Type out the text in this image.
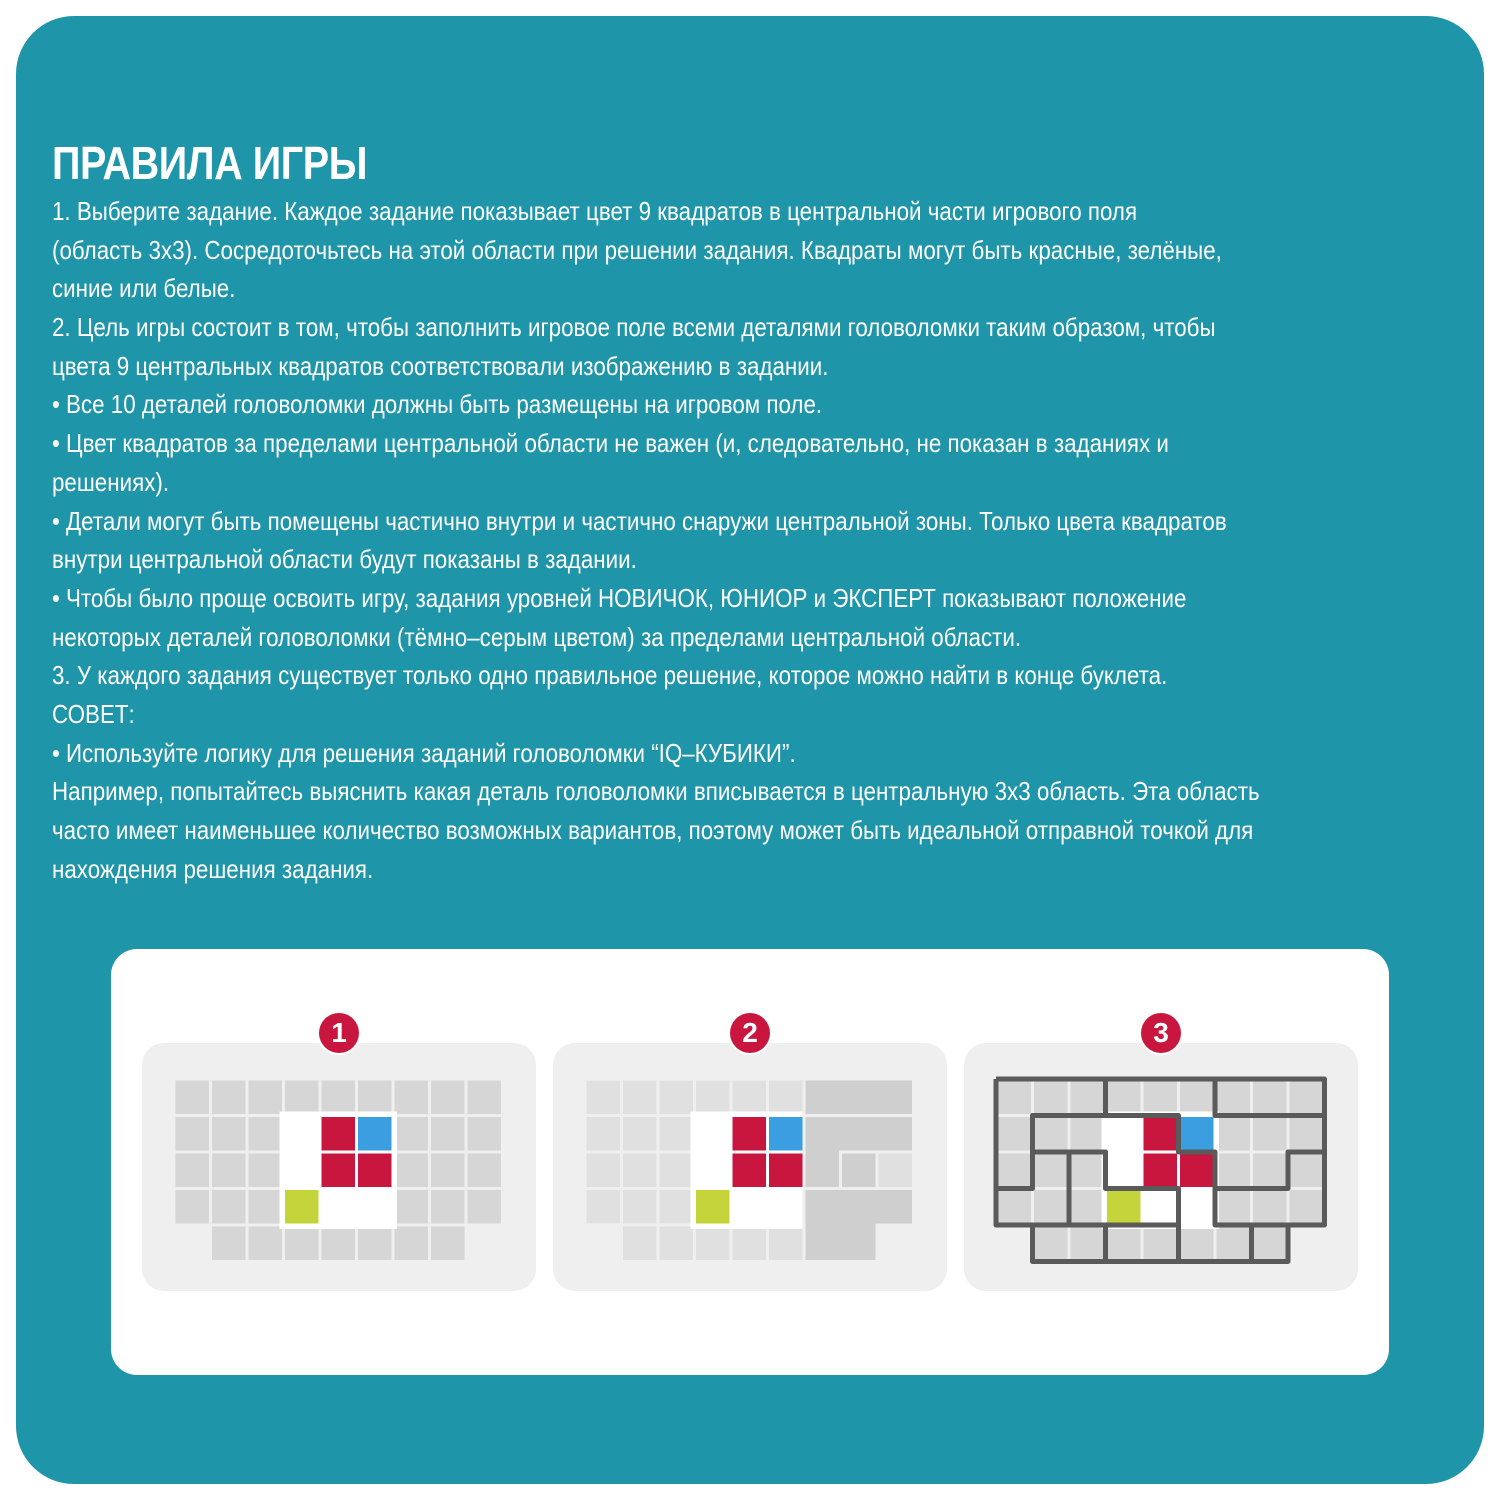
ПРАВИЛА ИГРЫ
1. Выберите задание. Каждое задание показывает цвет 9 квадратов в центральной части игрового поля
(область 3х3). Сосредоточьтесь на этой области при решении задания. Квадраты могут быть красные, зелёные,
синие или белые.
2. Цель игры состоит в том, чтобы заполнить игровое поле всеми деталями головоломки таким образом, чтобы
цвета 9 центральных квадратов соответствовали изображению в задании.
• Все 10 деталей головоломки должны быть размещены на игровом поле.
• Цвет квадратов за пределами центральной области не важен (и, следовательно, не показан в заданиях и
решениях).
• Детали могут быть помещены частично внутри и частично снаружи центральной зоны. Только цвета квадратов
внутри центральной области будут показаны в задании.
• Чтобы было проще освоить игру, задания уровней НОВИЧОК, ЮНИОР и ЭКСПЕРТ показывают положение
некоторых деталей головоломки (тёмно–серым цветом) за пределами центральной области.
3. У каждого задания существует только одно правильное решение, которое можно найти в конце буклета.
СОВЕТ:
• Используйте логику для решения заданий головоломки “IQ–КУБИКИ”.
Например, попытайтесь выяснить какая деталь головоломки вписывается в центральную 3х3 область. Эта область
часто имеет наименьшее количество возможных вариантов, поэтому может быть идеальной отправной точкой для
нахождения решения задания.
1	2	3
